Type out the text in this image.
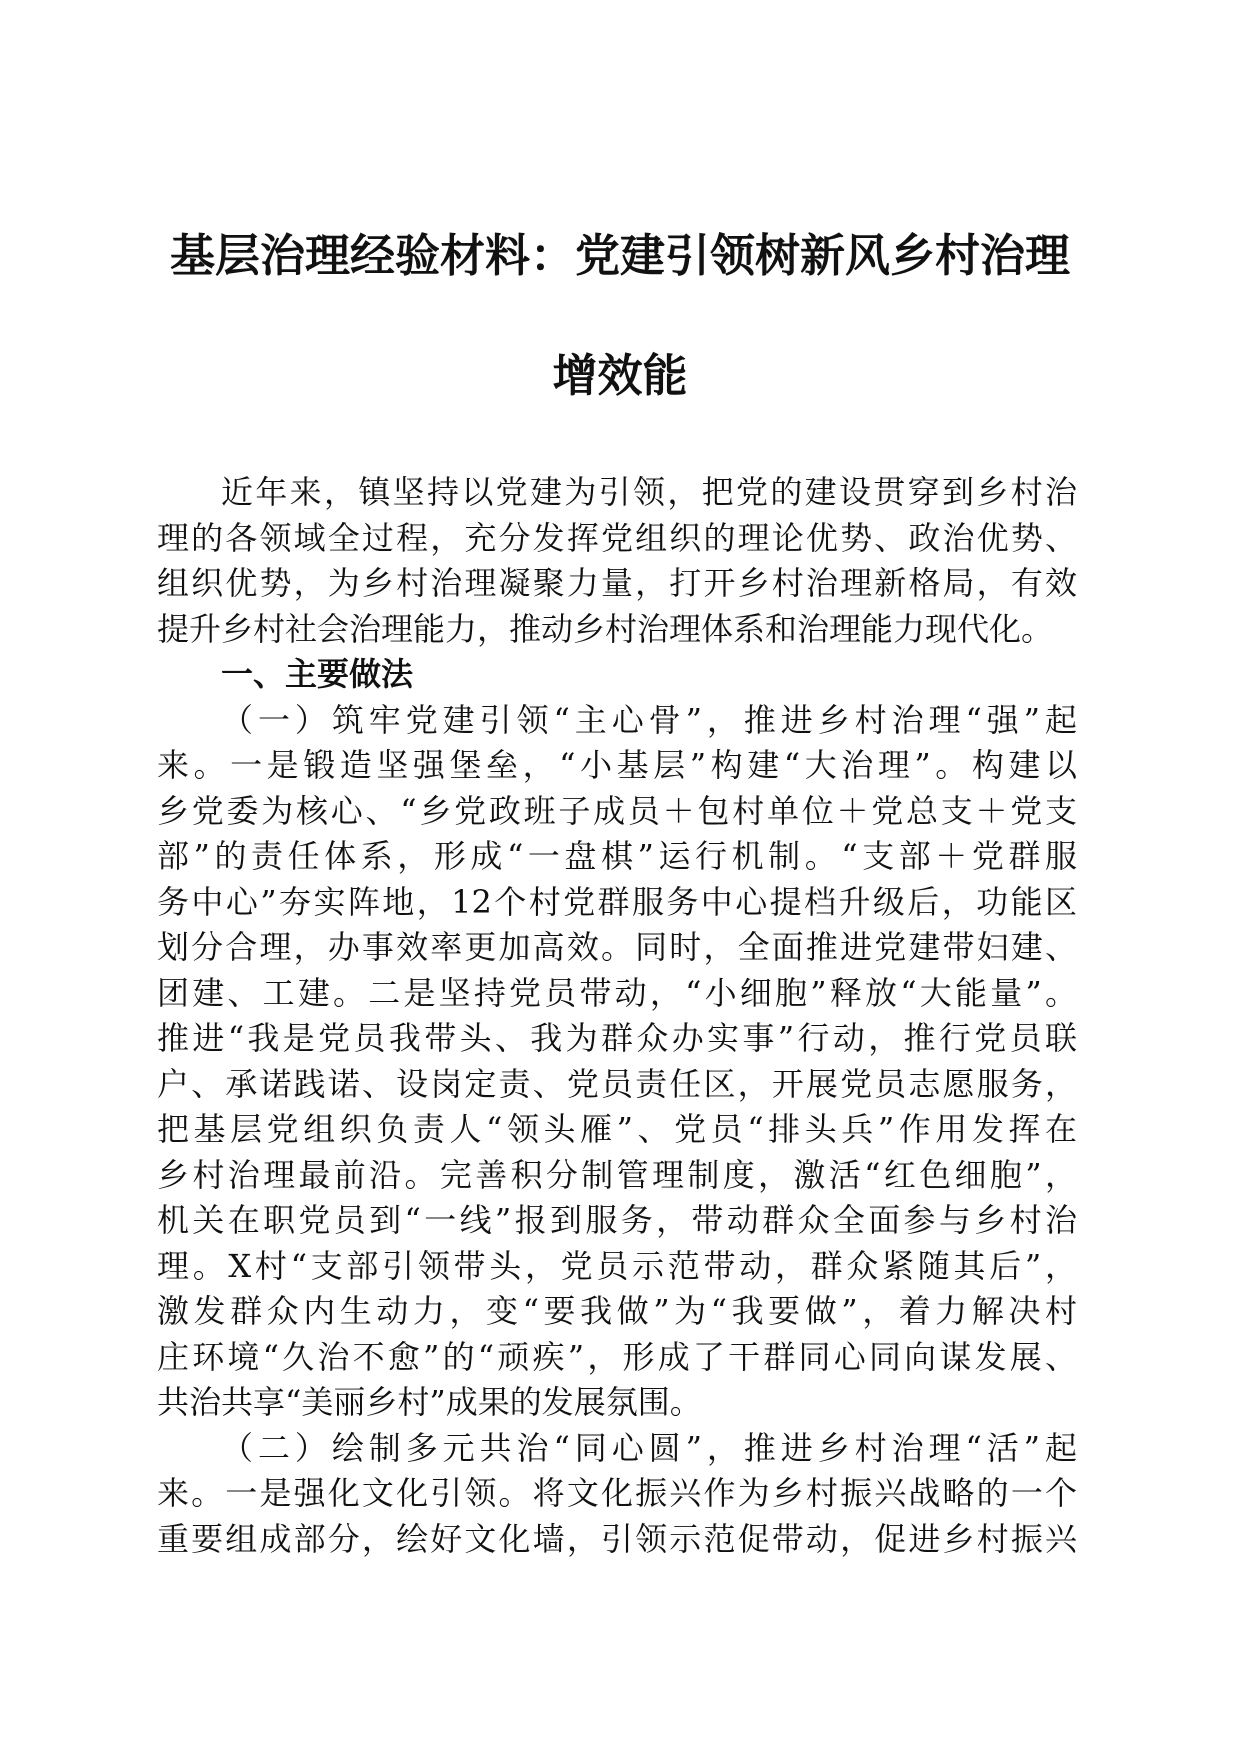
基层治理经验材料：党建引领树新风乡村治理
增效能
近年来，镇坚持以党建为引领，把党的建设贯穿到乡村治
理的各领域全过程，充分发挥党组织的理论优势、政治优势、
组织优势，为乡村治理凝聚力量，打开乡村治理新格局，有效
提升乡村社会治理能力，推动乡村治理体系和治理能力现代化。
一、主要做法
（一）筑牢党建引领“主心骨”，推进乡村治理“强”起
来。一是锻造坚强堡垒，“小基层”构建“大治理”。构建以
乡党委为核心、“乡党政班子成员＋包村单位＋党总支＋党支
部”的责任体系，形成“一盘棋”运行机制。“支部＋党群服
务中心”夯实阵地，12个村党群服务中心提档升级后，功能区
划分合理，办事效率更加高效。同时，全面推进党建带妇建、
团建、工建。二是坚持党员带动，“小细胞”释放“大能量”。
推进“我是党员我带头、我为群众办实事”行动，推行党员联
户、承诺践诺、设岗定责、党员责任区，开展党员志愿服务，
把基层党组织负责人“领头雁”、党员“排头兵”作用发挥在
乡村治理最前沿。完善积分制管理制度，激活“红色细胞”，
机关在职党员到“一线”报到服务，带动群众全面参与乡村治
理。X村“支部引领带头，党员示范带动，群众紧随其后”，
激发群众内生动力，变“要我做”为“我要做”，着力解决村
庄环境“久治不愈”的“顽疾”，形成了干群同心同向谋发展、
共治共享“美丽乡村”成果的发展氛围。
（二）绘制多元共治“同心圆”，推进乡村治理“活”起
来。一是强化文化引领。将文化振兴作为乡村振兴战略的一个
重要组成部分，绘好文化墙，引领示范促带动，促进乡村振兴
